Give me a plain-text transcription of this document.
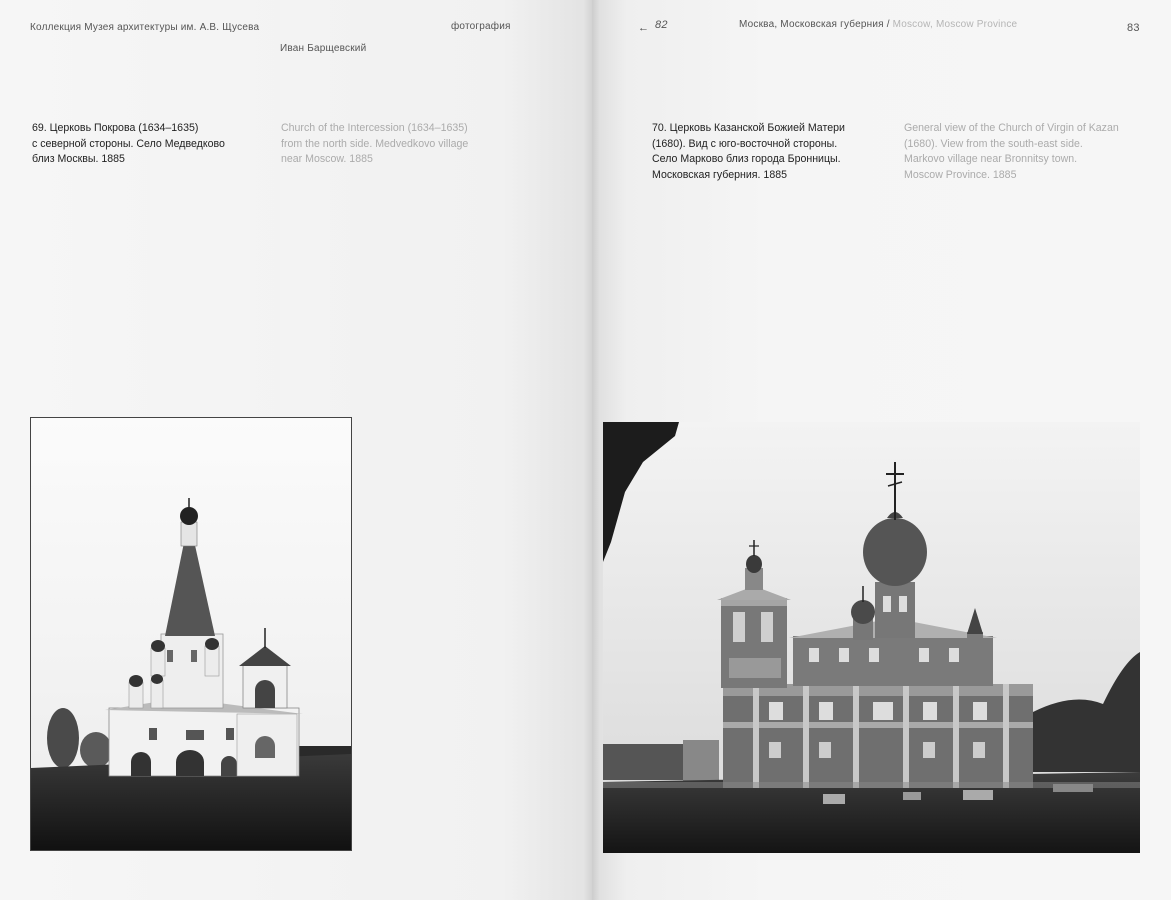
Коллекция Музея архитектуры им. А.В. Щусева	фотография
Иван Барщевский
← 82	Москва, Московская губерния / Moscow, Moscow Province	83
69. Церковь Покрова (1634–1635)
с северной стороны. Село Медведково
близ Москвы. 1885
Church of the Intercession (1634–1635)
from the north side. Medvedkovo village
near Moscow. 1885
70. Церковь Казанской Божией Матери
(1680). Вид с юго-восточной стороны.
Село Марково близ города Бронницы.
Московская губерния. 1885
General view of the Church of Virgin of Kazan
(1680). View from the south-east side.
Markovo village near Bronnitsy town.
Moscow Province. 1885
